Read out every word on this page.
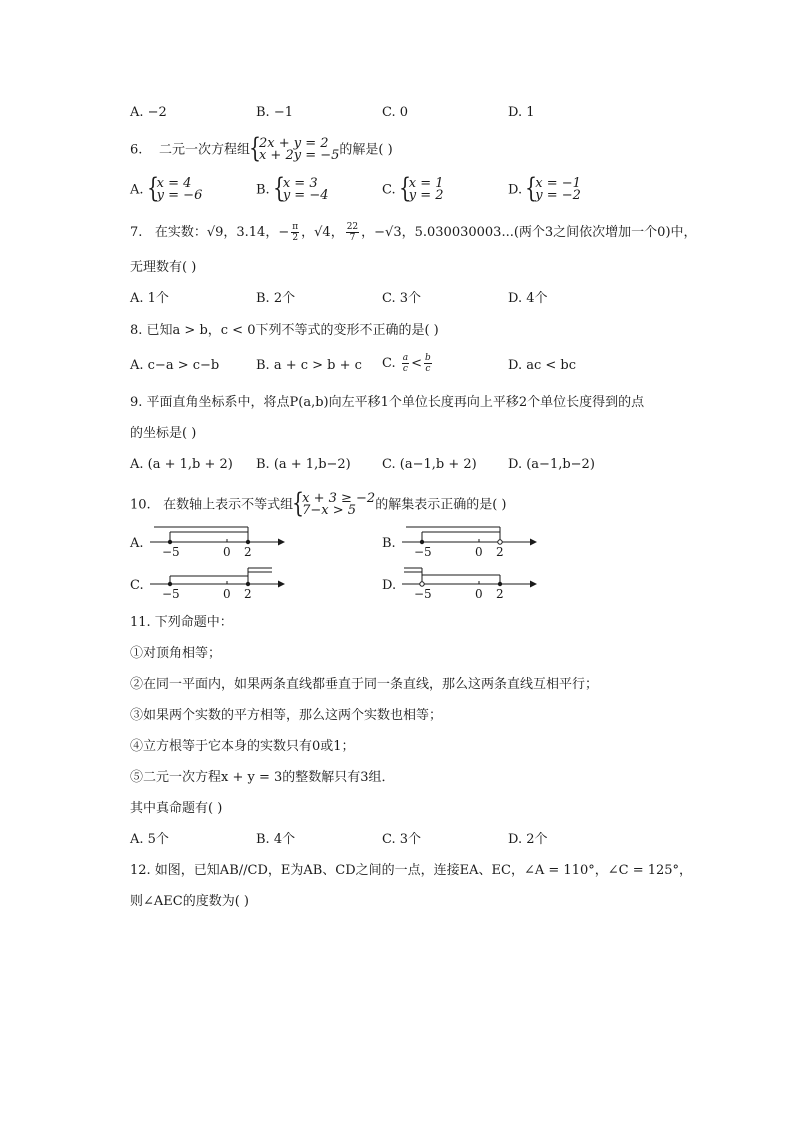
A. −2	B. −1	C. 0	D. 1
6. 二元一次方程组 { 2x + y = 2
x + 2y = −5 的解是( )
A. { x = 4
y = −6	B. { x = 3
y = −4	C. { x = 1
y = 2	D. { x = −1
y = −2
7. 在实数：√9，3.14，− $\frac{\pi}{2}$ ，√4， $\frac{22}{7}$ ，−√3，5.030030003...(两个3之间依次增加一个0)中，
无理数有( )
A. 1个	B. 2个	C. 3个	D. 4个
8. 已知a > b，c < 0下列不等式的变形不正确的是( )
A. c−a > c−b	B. a + c > b + c C. $\frac{a}{c} < \frac{b}{c}$	D. ac < bc
9. 平面直角坐标系中，将点P(a,b)向左平移1个单位长度再向上平移2个单位长度得到的点
的坐标是( )
A. (a + 1,b + 2) B. (a + 1,b−2) C. (a−1,b + 2) D. (a−1,b−2)
10. 在数轴上表示不等式组 { x + 3 ≥ −2
7−x > 5	的解集表示正确的是( )
A.
−5	0 2
B.
−5	0 2
C.
−5	0 2
D.
−5	0 2
11. 下列命题中：
①对顶角相等；
②在同一平面内，如果两条直线都垂直于同一条直线，那么这两条直线互相平行；
③如果两个实数的平方相等，那么这两个实数也相等；
④立方根等于它本身的实数只有0或1；
⑤二元一次方程x + y = 3的整数解只有3组．
其中真命题有( )
A. 5个	B. 4个	C. 3个	D. 2个
12. 如图，已知AB//CD，E为AB、CD之间的一点，连接EA、EC，∠A = 110°，∠C = 125°，
则∠AEC的度数为( )
